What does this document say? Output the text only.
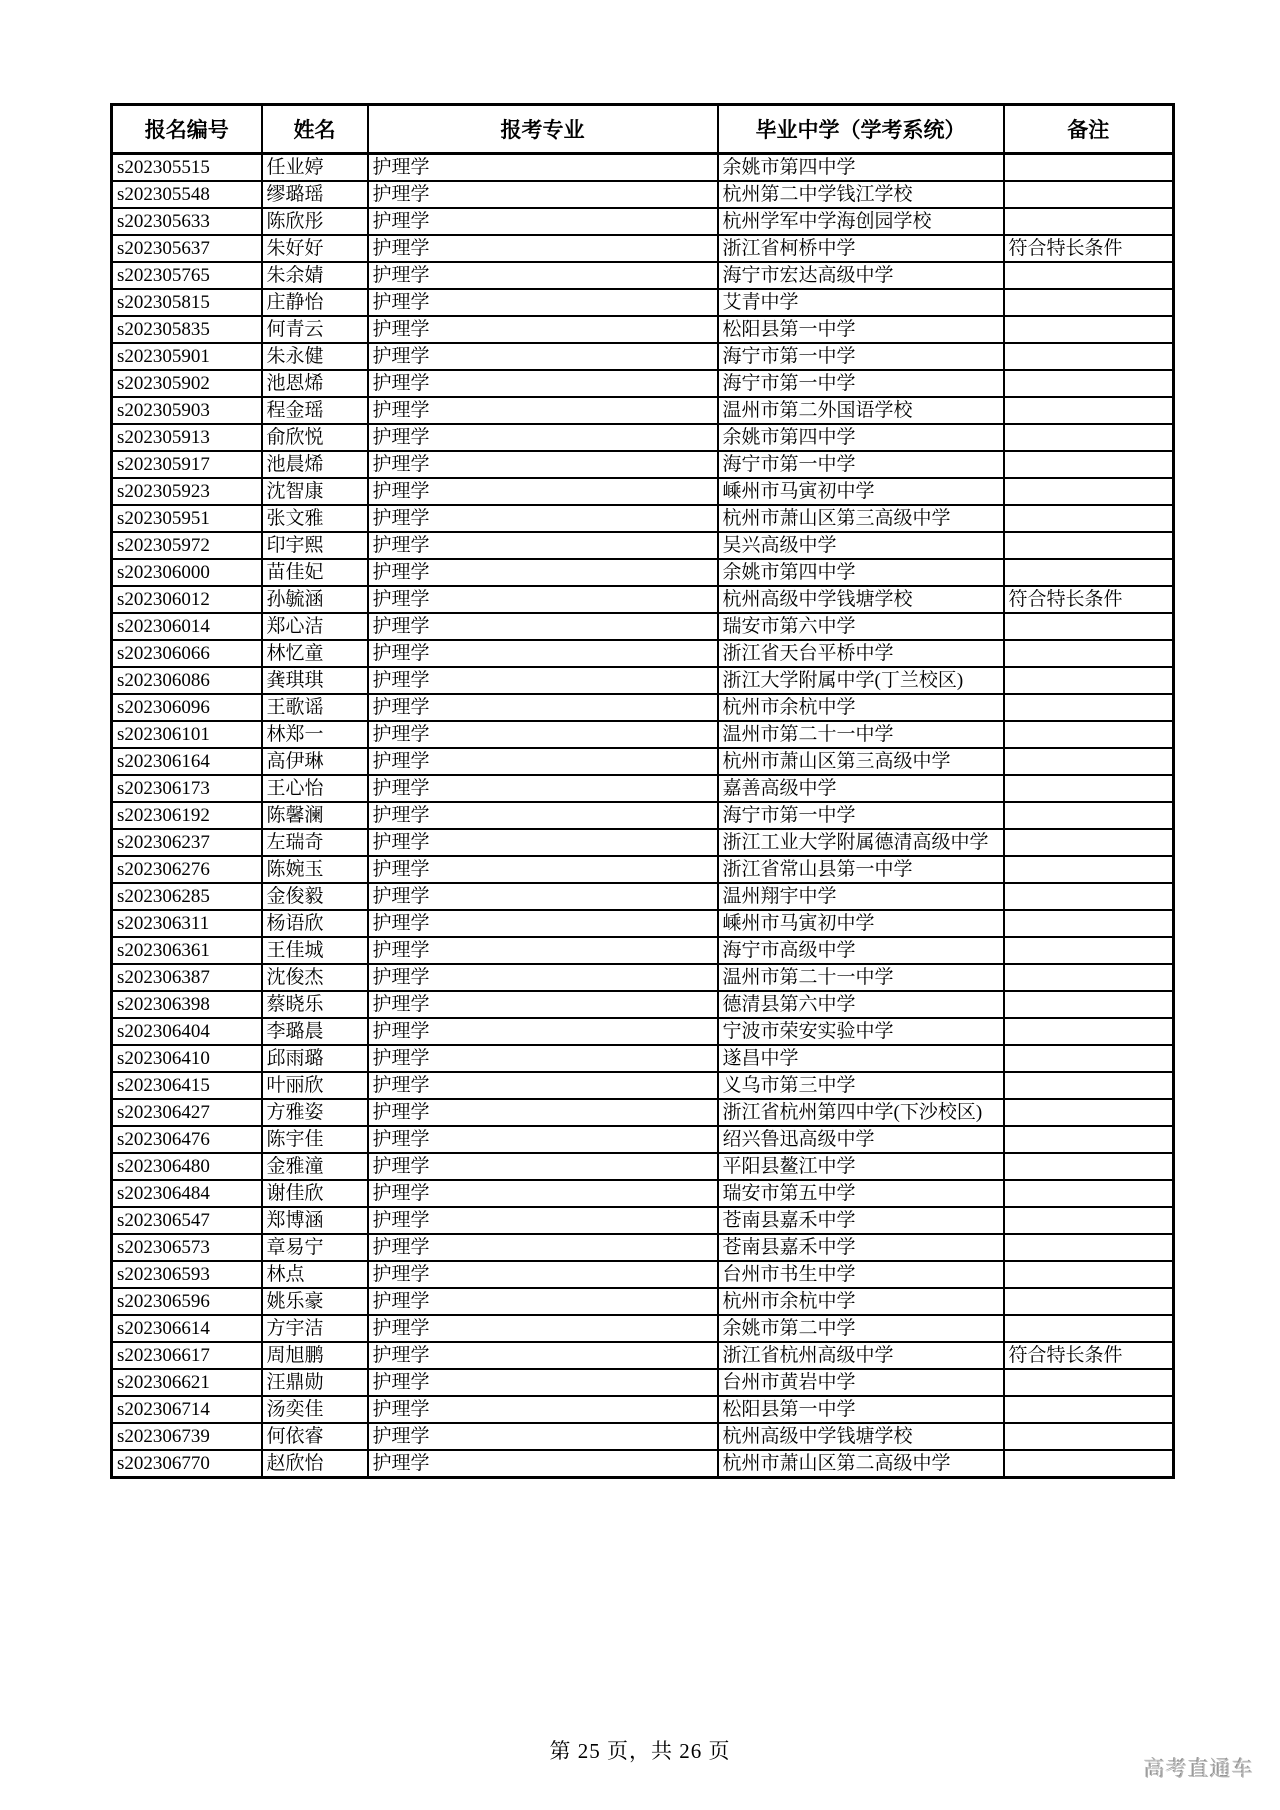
报名编号	姓名	报考专业	毕业中学（学考系统）	备注
s202305515	任业婷	护理学	余姚市第四中学	
s202305548	缪璐瑶	护理学	杭州第二中学钱江学校	
s202305633	陈欣彤	护理学	杭州学军中学海创园学校	
s202305637	朱好好	护理学	浙江省柯桥中学	符合特长条件
s202305765	朱余婧	护理学	海宁市宏达高级中学	
s202305815	庄静怡	护理学	艾青中学	
s202305835	何青云	护理学	松阳县第一中学	
s202305901	朱永健	护理学	海宁市第一中学	
s202305902	池恩烯	护理学	海宁市第一中学	
s202305903	程金瑶	护理学	温州市第二外国语学校	
s202305913	俞欣悦	护理学	余姚市第四中学	
s202305917	池晨烯	护理学	海宁市第一中学	
s202305923	沈智康	护理学	嵊州市马寅初中学	
s202305951	张文雅	护理学	杭州市萧山区第三高级中学	
s202305972	印宇熙	护理学	吴兴高级中学	
s202306000	苗佳妃	护理学	余姚市第四中学	
s202306012	孙毓涵	护理学	杭州高级中学钱塘学校	符合特长条件
s202306014	郑心洁	护理学	瑞安市第六中学	
s202306066	林忆童	护理学	浙江省天台平桥中学	
s202306086	龚琪琪	护理学	浙江大学附属中学(丁兰校区)	
s202306096	王歌谣	护理学	杭州市余杭中学	
s202306101	林郑一	护理学	温州市第二十一中学	
s202306164	高伊琳	护理学	杭州市萧山区第三高级中学	
s202306173	王心怡	护理学	嘉善高级中学	
s202306192	陈馨澜	护理学	海宁市第一中学	
s202306237	左瑞奇	护理学	浙江工业大学附属德清高级中学	
s202306276	陈婉玉	护理学	浙江省常山县第一中学	
s202306285	金俊毅	护理学	温州翔宇中学	
s202306311	杨语欣	护理学	嵊州市马寅初中学	
s202306361	王佳城	护理学	海宁市高级中学	
s202306387	沈俊杰	护理学	温州市第二十一中学	
s202306398	蔡晓乐	护理学	德清县第六中学	
s202306404	李璐晨	护理学	宁波市荣安实验中学	
s202306410	邱雨璐	护理学	遂昌中学	
s202306415	叶丽欣	护理学	义乌市第三中学	
s202306427	方雅姿	护理学	浙江省杭州第四中学(下沙校区)	
s202306476	陈宇佳	护理学	绍兴鲁迅高级中学	
s202306480	金雅潼	护理学	平阳县鳌江中学	
s202306484	谢佳欣	护理学	瑞安市第五中学	
s202306547	郑博涵	护理学	苍南县嘉禾中学	
s202306573	章易宁	护理学	苍南县嘉禾中学	
s202306593	林点	护理学	台州市书生中学	
s202306596	姚乐豪	护理学	杭州市余杭中学	
s202306614	方宇洁	护理学	余姚市第二中学	
s202306617	周旭鹏	护理学	浙江省杭州高级中学	符合特长条件
s202306621	汪鼎勋	护理学	台州市黄岩中学	
s202306714	汤奕佳	护理学	松阳县第一中学	
s202306739	何依睿	护理学	杭州高级中学钱塘学校	
s202306770	赵欣怡	护理学	杭州市萧山区第二高级中学	
第 25 页，共 26 页
高考直通车
